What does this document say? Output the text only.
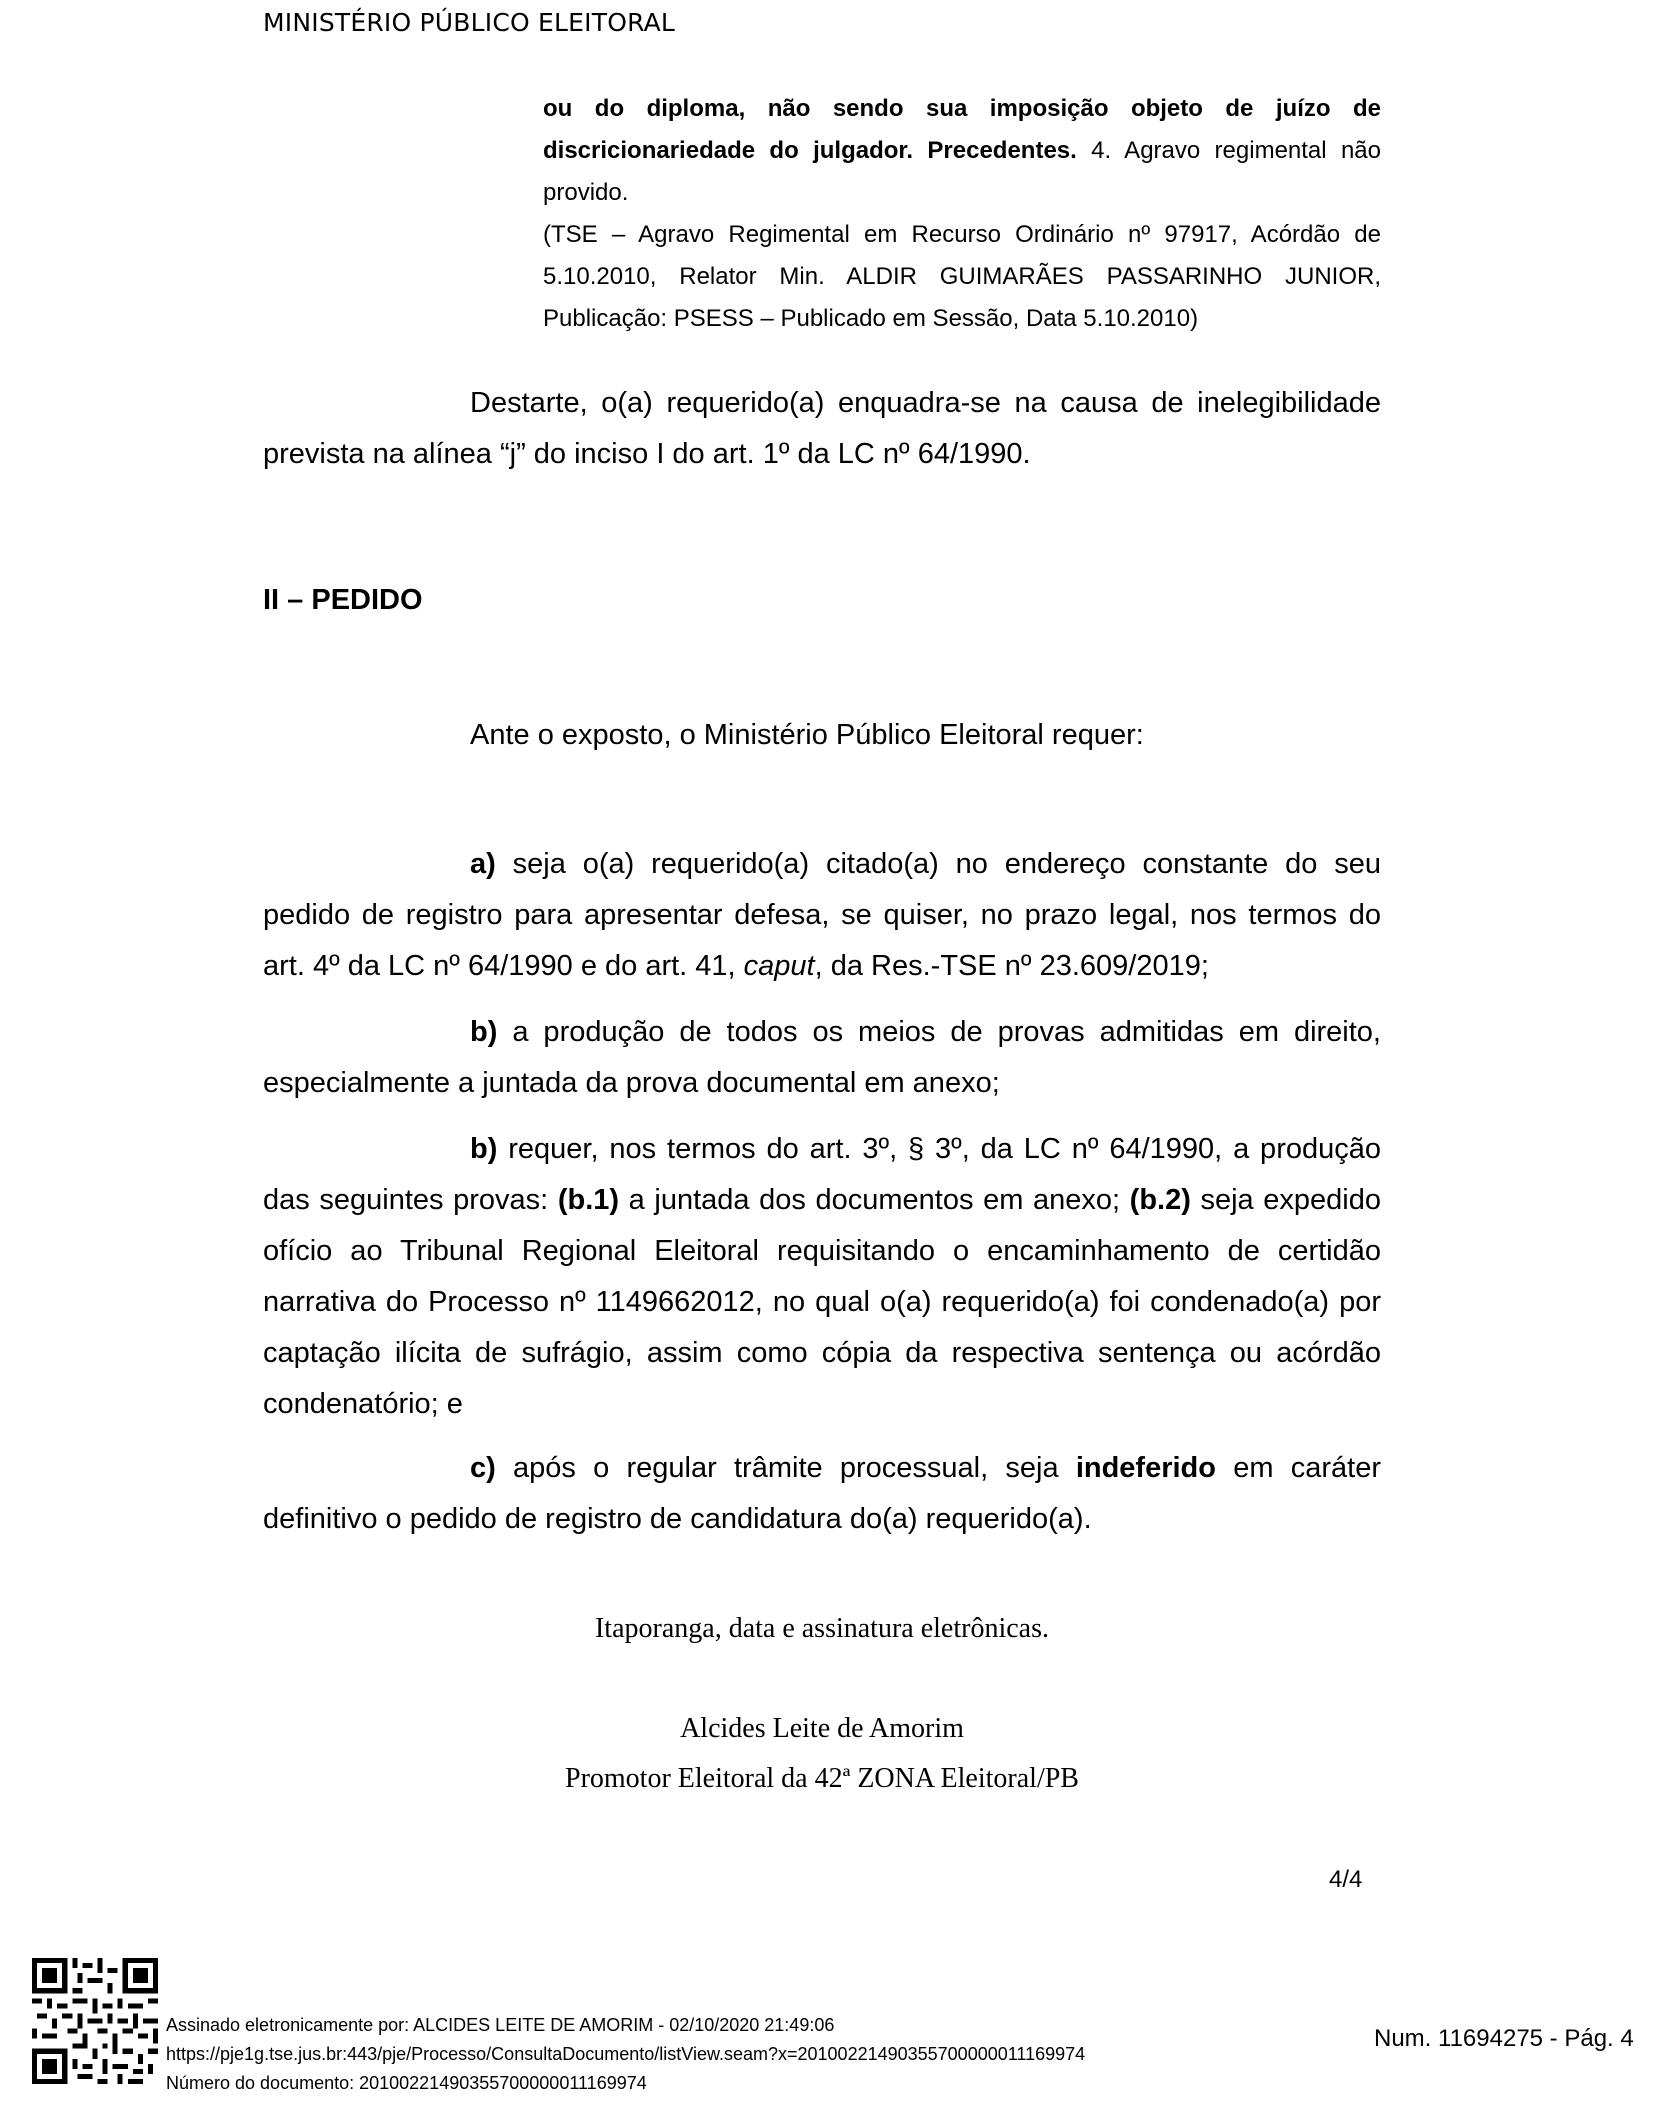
MINISTÉRIO PÚBLICO ELEITORAL

ou do diploma, não sendo sua imposição objeto de juízo de discricionariedade do julgador. Precedentes. 4. Agravo regimental não provido.

(TSE – Agravo Regimental em Recurso Ordinário nº 97917, Acórdão de 5.10.2010, Relator Min. ALDIR GUIMARÃES PASSARINHO JUNIOR, Publicação: PSESS – Publicado em Sessão, Data 5.10.2010)

Destarte, o(a) requerido(a) enquadra-se na causa de inelegibilidade prevista na alínea “j” do inciso I do art. 1º da LC nº 64/1990.

II – PEDIDO

Ante o exposto, o Ministério Público Eleitoral requer:

a) seja o(a) requerido(a) citado(a) no endereço constante do seu pedido de registro para apresentar defesa, se quiser, no prazo legal, nos termos do art. 4º da LC nº 64/1990 e do art. 41, caput, da Res.-TSE nº 23.609/2019;

b) a produção de todos os meios de provas admitidas em direito, especialmente a juntada da prova documental em anexo;

b) requer, nos termos do art. 3º, § 3º, da LC nº 64/1990, a produção das seguintes provas: (b.1) a juntada dos documentos em anexo; (b.2) seja expedido ofício ao Tribunal Regional Eleitoral requisitando o encaminhamento de certidão narrativa do Processo nº 1149662012, no qual o(a) requerido(a) foi condenado(a) por captação ilícita de sufrágio, assim como cópia da respectiva sentença ou acórdão condenatório; e

c) após o regular trâmite processual, seja indeferido em caráter definitivo o pedido de registro de candidatura do(a) requerido(a).

Itaporanga, data e assinatura eletrônicas.
Alcides Leite de Amorim
Promotor Eleitoral da 42ª ZONA Eleitoral/PB
4/4
Assinado eletronicamente por: ALCIDES LEITE DE AMORIM - 02/10/2020 21:49:06
https://pje1g.tse.jus.br:443/pje/Processo/ConsultaDocumento/listView.seam?x=20100221490355700000011169974
Número do documento: 20100221490355700000011169974
Num. 11694275 - Pág. 4
